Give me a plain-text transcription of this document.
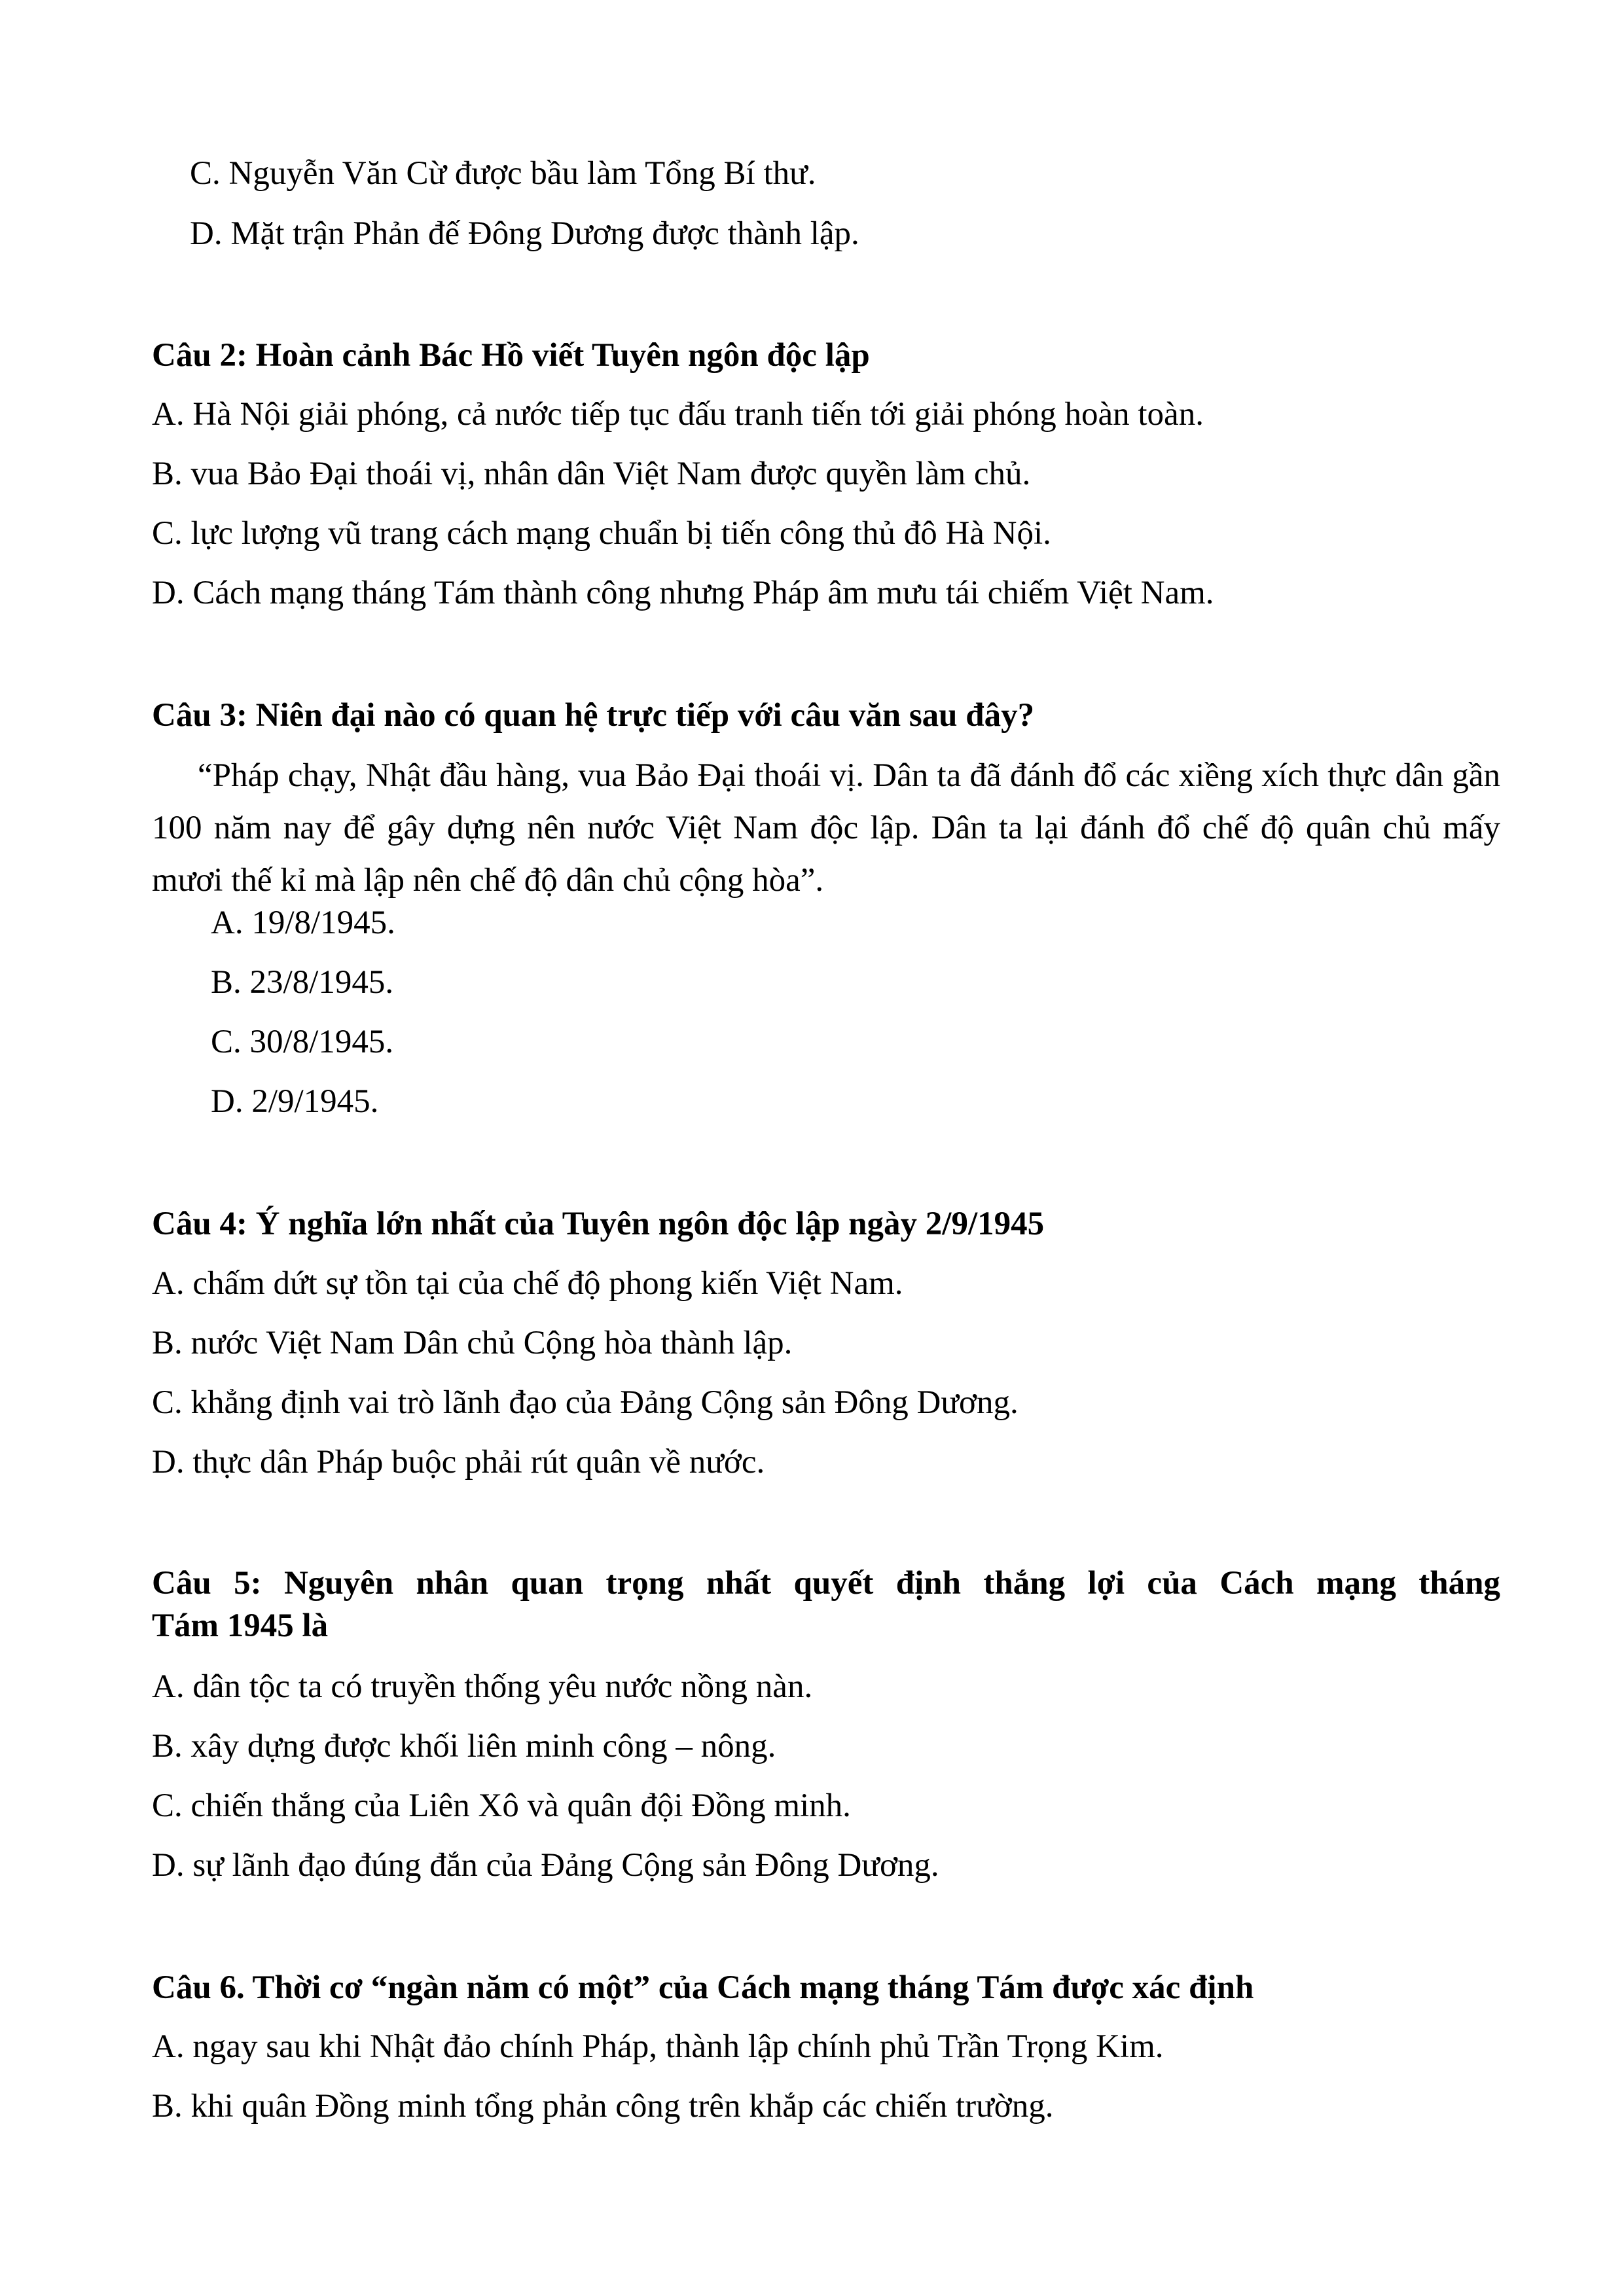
C. Nguyễn Văn Cừ được bầu làm Tổng Bí thư.

D. Mặt trận Phản đế Đông Dương được thành lập.

Câu 2: Hoàn cảnh Bác Hồ viết Tuyên ngôn độc lập

A. Hà Nội giải phóng, cả nước tiếp tục đấu tranh tiến tới giải phóng hoàn toàn.

B. vua Bảo Đại thoái vị, nhân dân Việt Nam được quyền làm chủ.

C. lực lượng vũ trang cách mạng chuẩn bị tiến công thủ đô Hà Nội.

D. Cách mạng tháng Tám thành công nhưng Pháp âm mưu tái chiếm Việt Nam.

Câu 3: Niên đại nào có quan hệ trực tiếp với câu văn sau đây?

“Pháp chạy, Nhật đầu hàng, vua Bảo Đại thoái vị. Dân ta đã đánh đổ các xiềng xích thực dân gần 100 năm nay để gây dựng nên nước Việt Nam độc lập. Dân ta lại đánh đổ chế độ quân chủ mấy mươi thế kỉ mà lập nên chế độ dân chủ cộng hòa”.

A. 19/8/1945.

B. 23/8/1945.

C. 30/8/1945.

D. 2/9/1945.

Câu 4: Ý nghĩa lớn nhất của Tuyên ngôn độc lập ngày 2/9/1945

A. chấm dứt sự tồn tại của chế độ phong kiến Việt Nam.

B. nước Việt Nam Dân chủ Cộng hòa thành lập.

C. khẳng định vai trò lãnh đạo của Đảng Cộng sản Đông Dương.

D. thực dân Pháp buộc phải rút quân về nước.

Câu 5: Nguyên nhân quan trọng nhất quyết định thắng lợi của Cách mạng tháng

Tám 1945 là

A. dân tộc ta có truyền thống yêu nước nồng nàn.

B. xây dựng được khối liên minh công – nông.

C. chiến thắng của Liên Xô và quân đội Đồng minh.

D. sự lãnh đạo đúng đắn của Đảng Cộng sản Đông Dương.

Câu 6. Thời cơ “ngàn năm có một” của Cách mạng tháng Tám được xác định

A. ngay sau khi Nhật đảo chính Pháp, thành lập chính phủ Trần Trọng Kim.

B. khi quân Đồng minh tổng phản công trên khắp các chiến trường.
